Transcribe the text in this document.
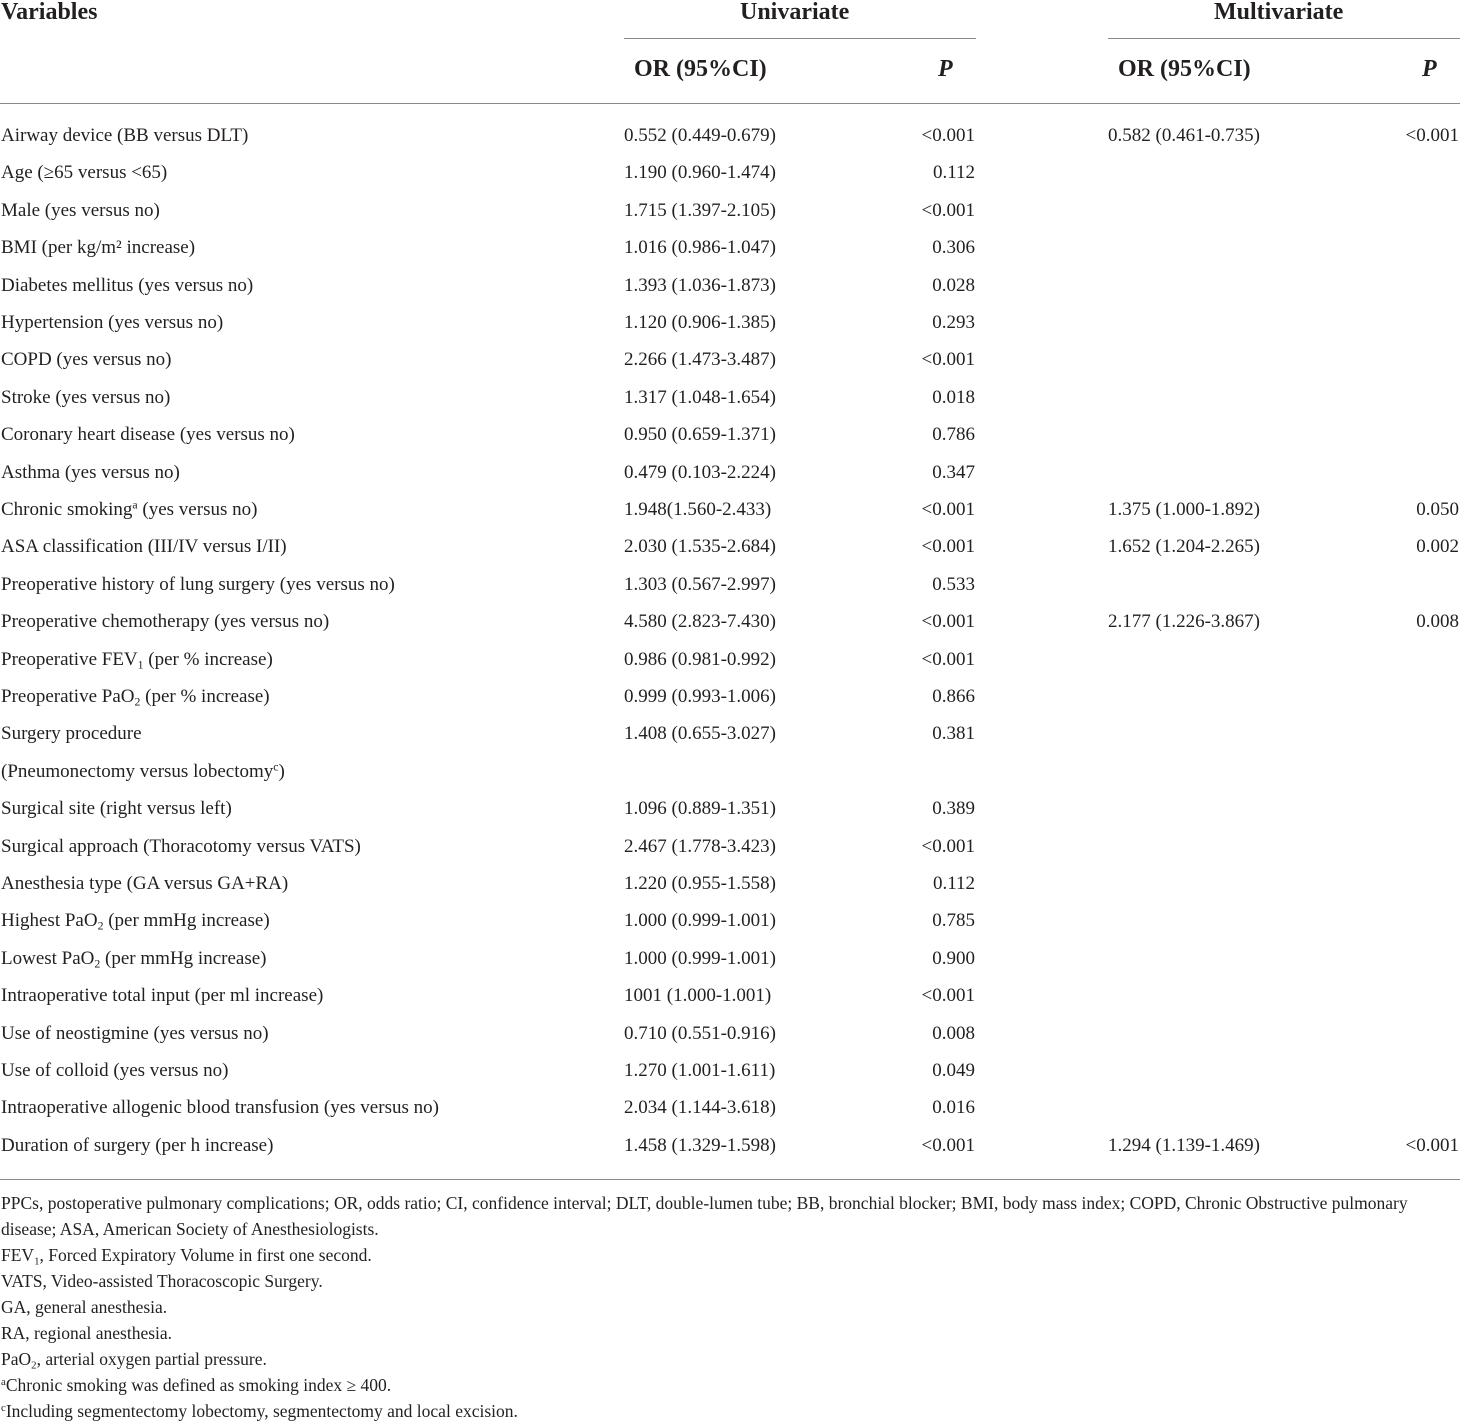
Variables	Univariate	Multivariate
OR (95%CI)	P	OR (95%CI)	P
Airway device (BB versus DLT)	0.552 (0.449-0.679)	<0.001	0.582 (0.461-0.735)	<0.001
Age (≥65 versus <65)	1.190 (0.960-1.474)	0.112
Male (yes versus no)	1.715 (1.397-2.105)	<0.001
BMI (per kg/m² increase)	1.016 (0.986-1.047)	0.306
Diabetes mellitus (yes versus no)	1.393 (1.036-1.873)	0.028
Hypertension (yes versus no)	1.120 (0.906-1.385)	0.293
COPD (yes versus no)	2.266 (1.473-3.487)	<0.001
Stroke (yes versus no)	1.317 (1.048-1.654)	0.018
Coronary heart disease (yes versus no)	0.950 (0.659-1.371)	0.786
Asthma (yes versus no)	0.479 (0.103-2.224)	0.347
Chronic smoking$^a$ (yes versus no)	1.948(1.560-2.433)	<0.001	1.375 (1.000-1.892)	0.050
ASA classification (III/IV versus I/II)	2.030 (1.535-2.684)	<0.001	1.652 (1.204-2.265)	0.002
Preoperative history of lung surgery (yes versus no)	1.303 (0.567-2.997)	0.533
Preoperative chemotherapy (yes versus no)	4.580 (2.823-7.430)	<0.001	2.177 (1.226-3.867)	0.008
Preoperative $FEV_1$ (per % increase)	0.986 (0.981-0.992)	<0.001
Preoperative PaO$_2$ (per % increase)	0.999 (0.993-1.006)	0.866
Surgery procedure	1.408 (0.655-3.027)	0.381
(Pneumonectomy versus lobectomy$^c$)
Surgical site (right versus left)	1.096 (0.889-1.351)	0.389
Surgical approach (Thoracotomy versus VATS)	2.467 (1.778-3.423)	<0.001
Anesthesia type (GA versus GA+RA)	1.220 (0.955-1.558)	0.112
Highest PaO$_2$ (per mmHg increase)	1.000 (0.999-1.001)	0.785
Lowest PaO$_2$ (per mmHg increase)	1.000 (0.999-1.001)	0.900
Intraoperative total input (per ml increase)	1001 (1.000-1.001)	<0.001
Use of neostigmine (yes versus no)	0.710 (0.551-0.916)	0.008
Use of colloid (yes versus no)	1.270 (1.001-1.611)	0.049
Intraoperative allogenic blood transfusion (yes versus no)	2.034 (1.144-3.618)	0.016
Duration of surgery (per h increase)	1.458 (1.329-1.598)	<0.001	1.294 (1.139-1.469)	<0.001

PPCs, postoperative pulmonary complications; OR, odds ratio; CI, confidence interval; DLT, double-lumen tube; BB, bronchial blocker; BMI, body mass index; COPD, Chronic Obstructive pulmonary disease; ASA, American Society of Anesthesiologists.

$FEV_1$, Forced Expiratory Volume in first one second.

VATS, Video-assisted Thoracoscopic Surgery.

GA, general anesthesia.

RA, regional anesthesia.

PaO$_2$, arterial oxygen partial pressure.

$^a$Chronic smoking was defined as smoking index ≥ 400.

$^c$Including segmentectomy lobectomy, segmentectomy and local excision.
